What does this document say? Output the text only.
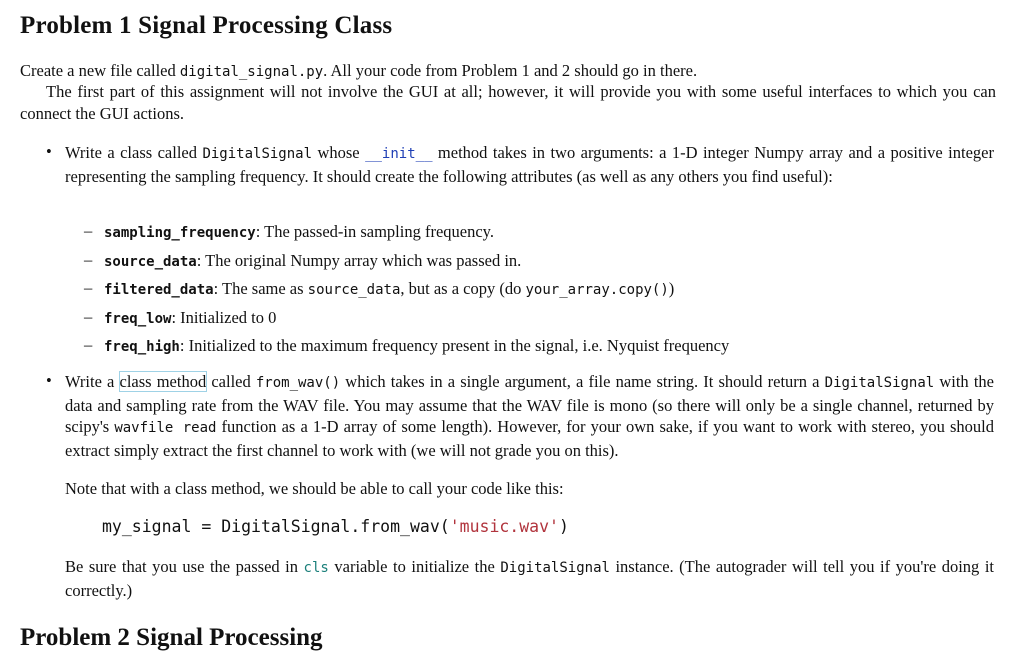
Problem 1 Signal Processing Class

Create a new file called digital_signal.py. All your code from Problem 1 and 2 should go in there.

The first part of this assignment will not involve the GUI at all; however, it will provide you with some useful interfaces to which you can connect the GUI actions.

• Write a class called DigitalSignal whose __init__ method takes in two arguments: a 1-D integer Numpy array and a positive integer representing the sampling frequency. It should create the following attributes (as well as any others you find useful):

– sampling_frequency: The passed-in sampling frequency.

– source_data: The original Numpy array which was passed in.

– filtered_data: The same as source_data, but as a copy (do your_array.copy())

– freq_low: Initialized to 0

– freq_high: Initialized to the maximum frequency present in the signal, i.e. Nyquist frequency

• Write a class method called from_wav() which takes in a single argument, a file name string. It should return a DigitalSignal with the data and sampling rate from the WAV file. You may assume that the WAV file is mono (so there will only be a single channel, returned by scipy's wavfile read function as a 1-D array of some length). However, for your own sake, if you want to work with stereo, you should extract simply extract the first channel to work with (we will not grade you on this).

Note that with a class method, we should be able to call your code like this:

my_signal = DigitalSignal.from_wav('music.wav')

Be sure that you use the passed in cls variable to initialize the DigitalSignal instance. (The autograder will tell you if you're doing it correctly.)

Problem 2 Signal Processing
